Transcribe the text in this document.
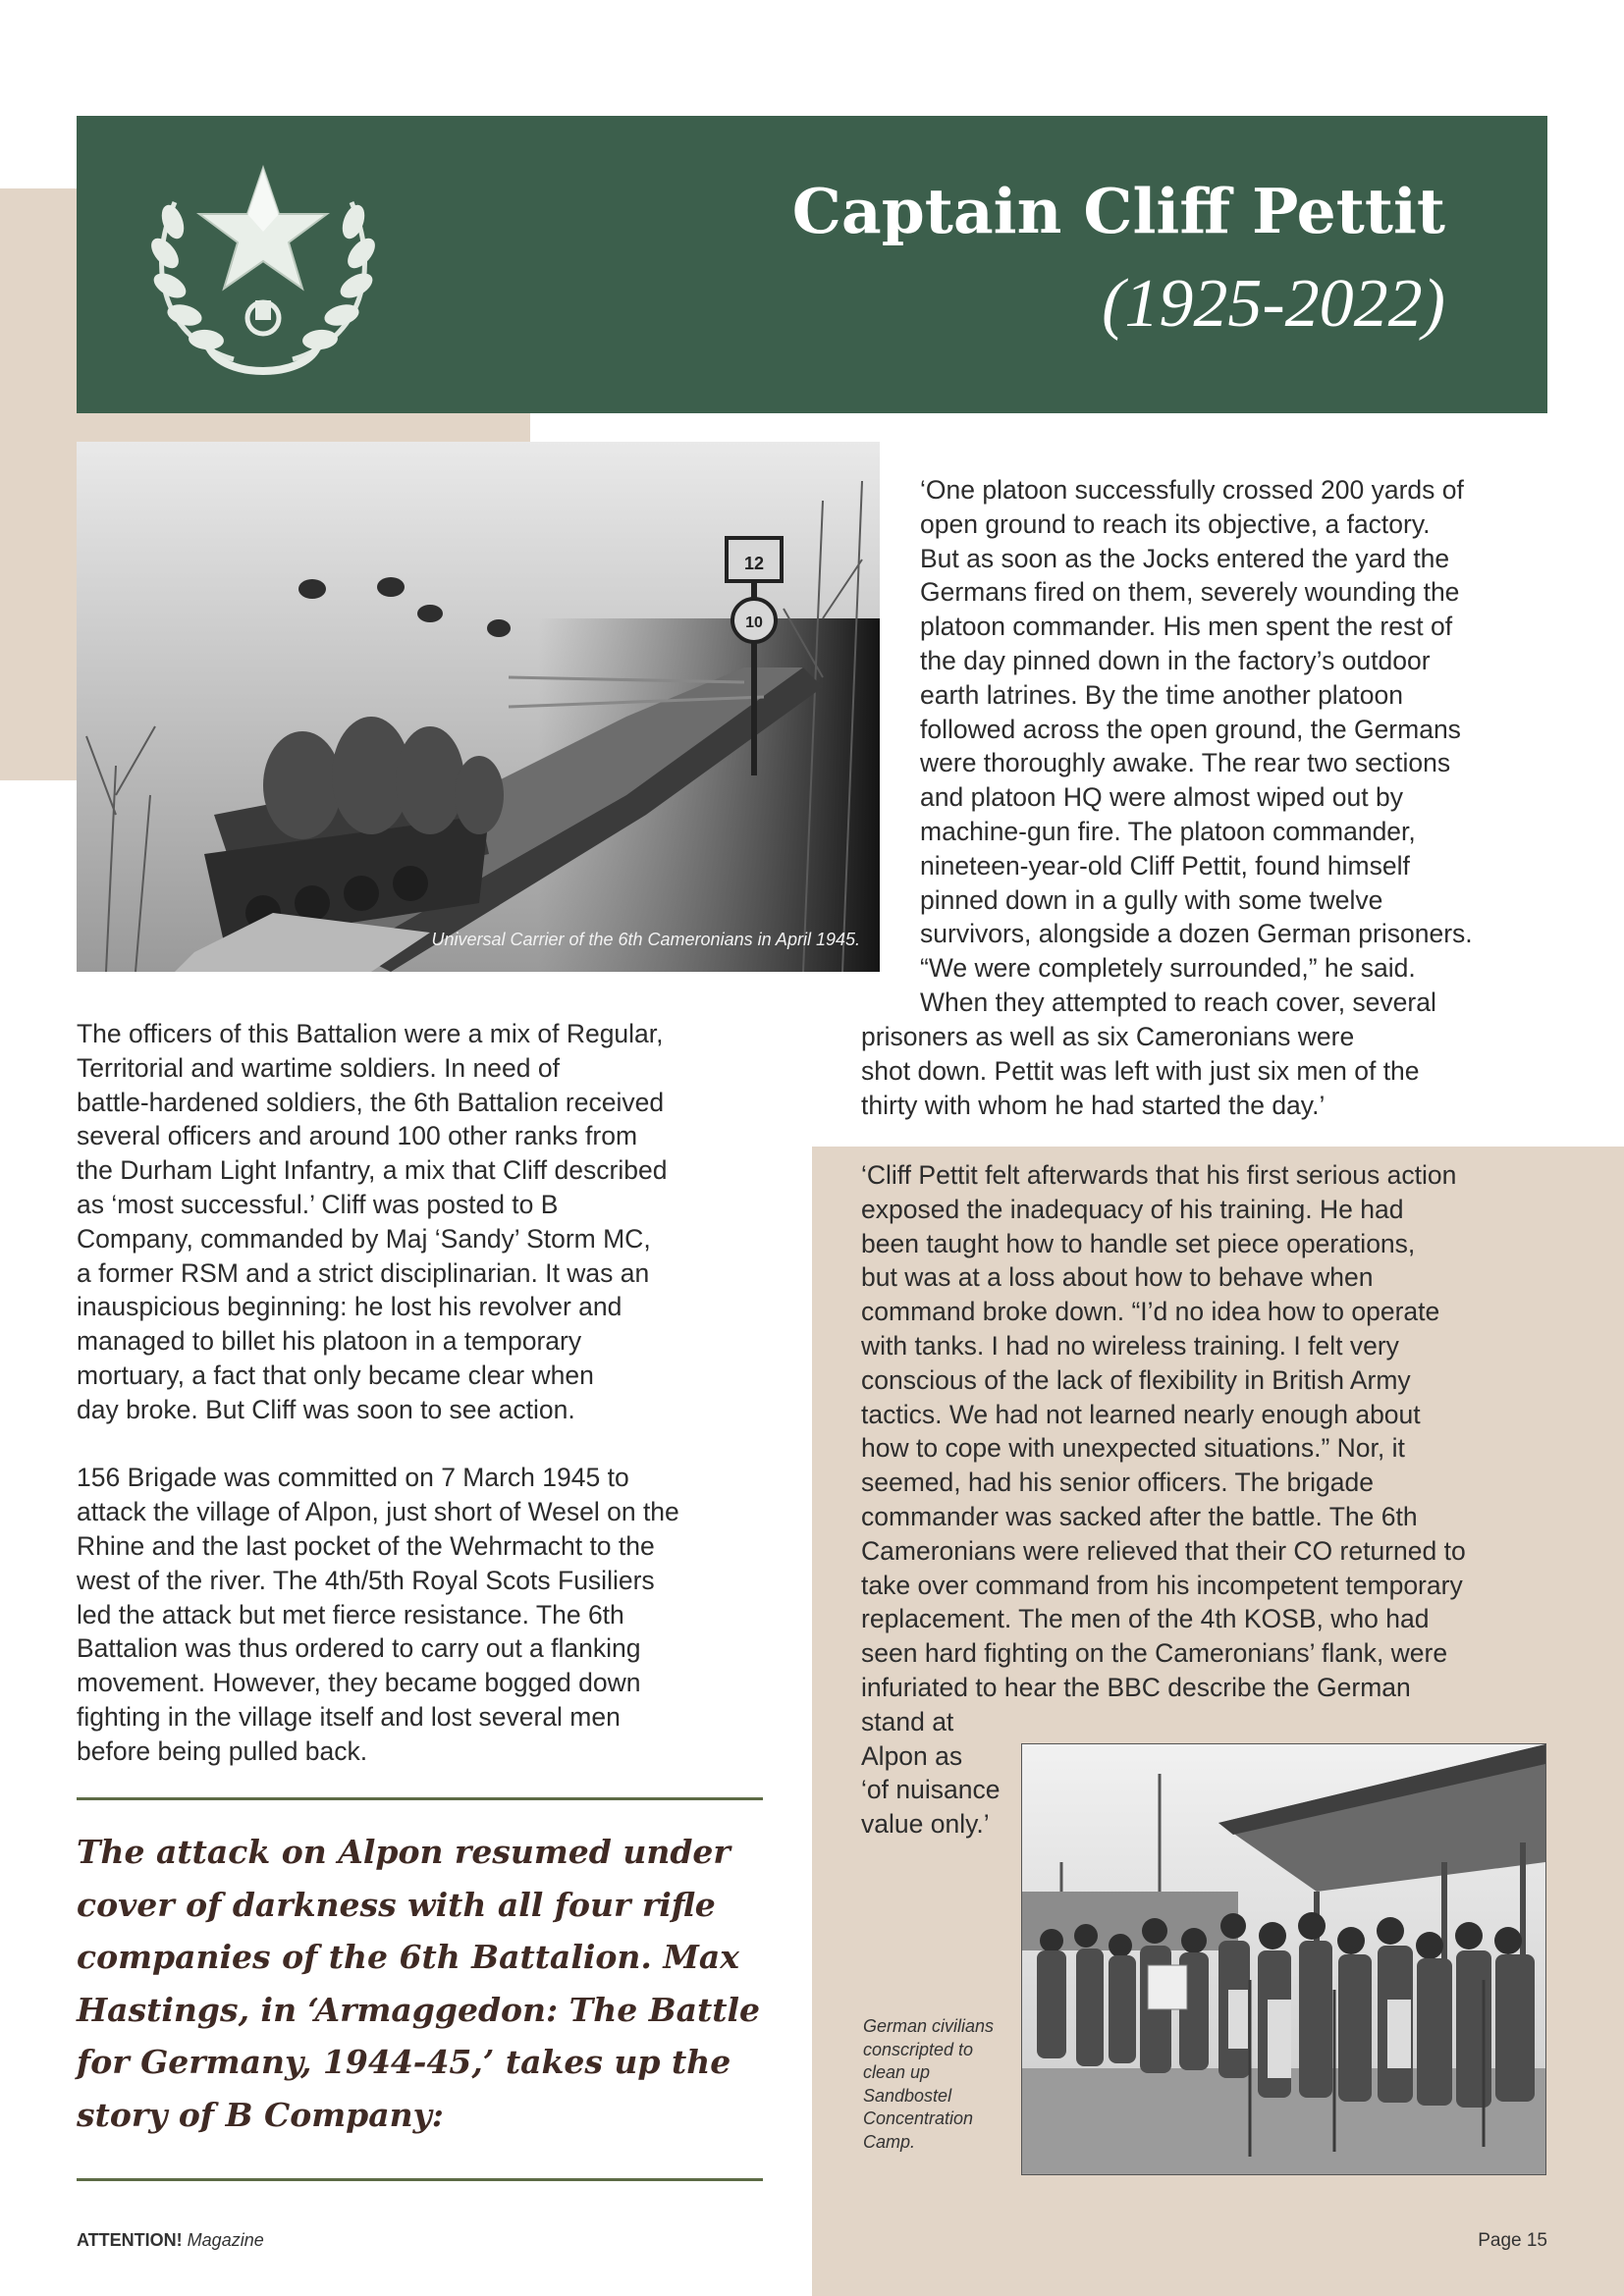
Captain Cliff Pettit
(1925-2022)
12
10
Universal Carrier of the 6th Cameronians in April 1945.
‘One platoon successfully crossed 200 yards of
open ground to reach its objective, a factory.
But as soon as the Jocks entered the yard the
Germans fired on them, severely wounding the
platoon commander. His men spent the rest of
the day pinned down in the factory’s outdoor
earth latrines. By the time another platoon
followed across the open ground, the Germans
were thoroughly awake. The rear two sections
and platoon HQ were almost wiped out by
machine-gun fire. The platoon commander,
nineteen-year-old Cliff Pettit, found himself
pinned down in a gully with some twelve
survivors, alongside a dozen German prisoners.
“We were completely surrounded,” he said.
When they attempted to reach cover, several
prisoners as well as six Cameronians were
shot down. Pettit was left with just six men of the
thirty with whom he had started the day.’
The officers of this Battalion were a mix of Regular,
Territorial and wartime soldiers. In need of
battle-hardened soldiers, the 6th Battalion received
several officers and around 100 other ranks from
the Durham Light Infantry, a mix that Cliff described
as ‘most successful.’ Cliff was posted to B
Company, commanded by Maj ‘Sandy’ Storm MC,
a former RSM and a strict disciplinarian. It was an
inauspicious beginning: he lost his revolver and
managed to billet his platoon in a temporary
mortuary, a fact that only became clear when
day broke. But Cliff was soon to see action.
156 Brigade was committed on 7 March 1945 to
attack the village of Alpon, just short of Wesel on the
Rhine and the last pocket of the Wehrmacht to the
west of the river. The 4th/5th Royal Scots Fusiliers
led the attack but met fierce resistance. The 6th
Battalion was thus ordered to carry out a flanking
movement. However, they became bogged down
fighting in the village itself and lost several men
before being pulled back.
The attack on Alpon resumed under
cover of darkness with all four rifle
companies of the 6th Battalion. Max
Hastings, in ‘Armaggedon: The Battle
for Germany, 1944-45,’ takes up the
story of B Company:
‘Cliff Pettit felt afterwards that his first serious action
exposed the inadequacy of his training. He had
been taught how to handle set piece operations,
but was at a loss about how to behave when
command broke down. “I’d no idea how to operate
with tanks. I had no wireless training. I felt very
conscious of the lack of flexibility in British Army
tactics. We had not learned nearly enough about
how to cope with unexpected situations.” Nor, it
seemed, had his senior officers. The brigade
commander was sacked after the battle. The 6th
Cameronians were relieved that their CO returned to
take over command from his incompetent temporary
replacement. The men of the 4th KOSB, who had
seen hard fighting on the Cameronians’ flank, were
infuriated to hear the BBC describe the German
stand at
Alpon as
‘of nuisance
value only.’
German civilians conscripted to clean up Sandbostel Concentration Camp.
ATTENTION! Magazine	Page 15
